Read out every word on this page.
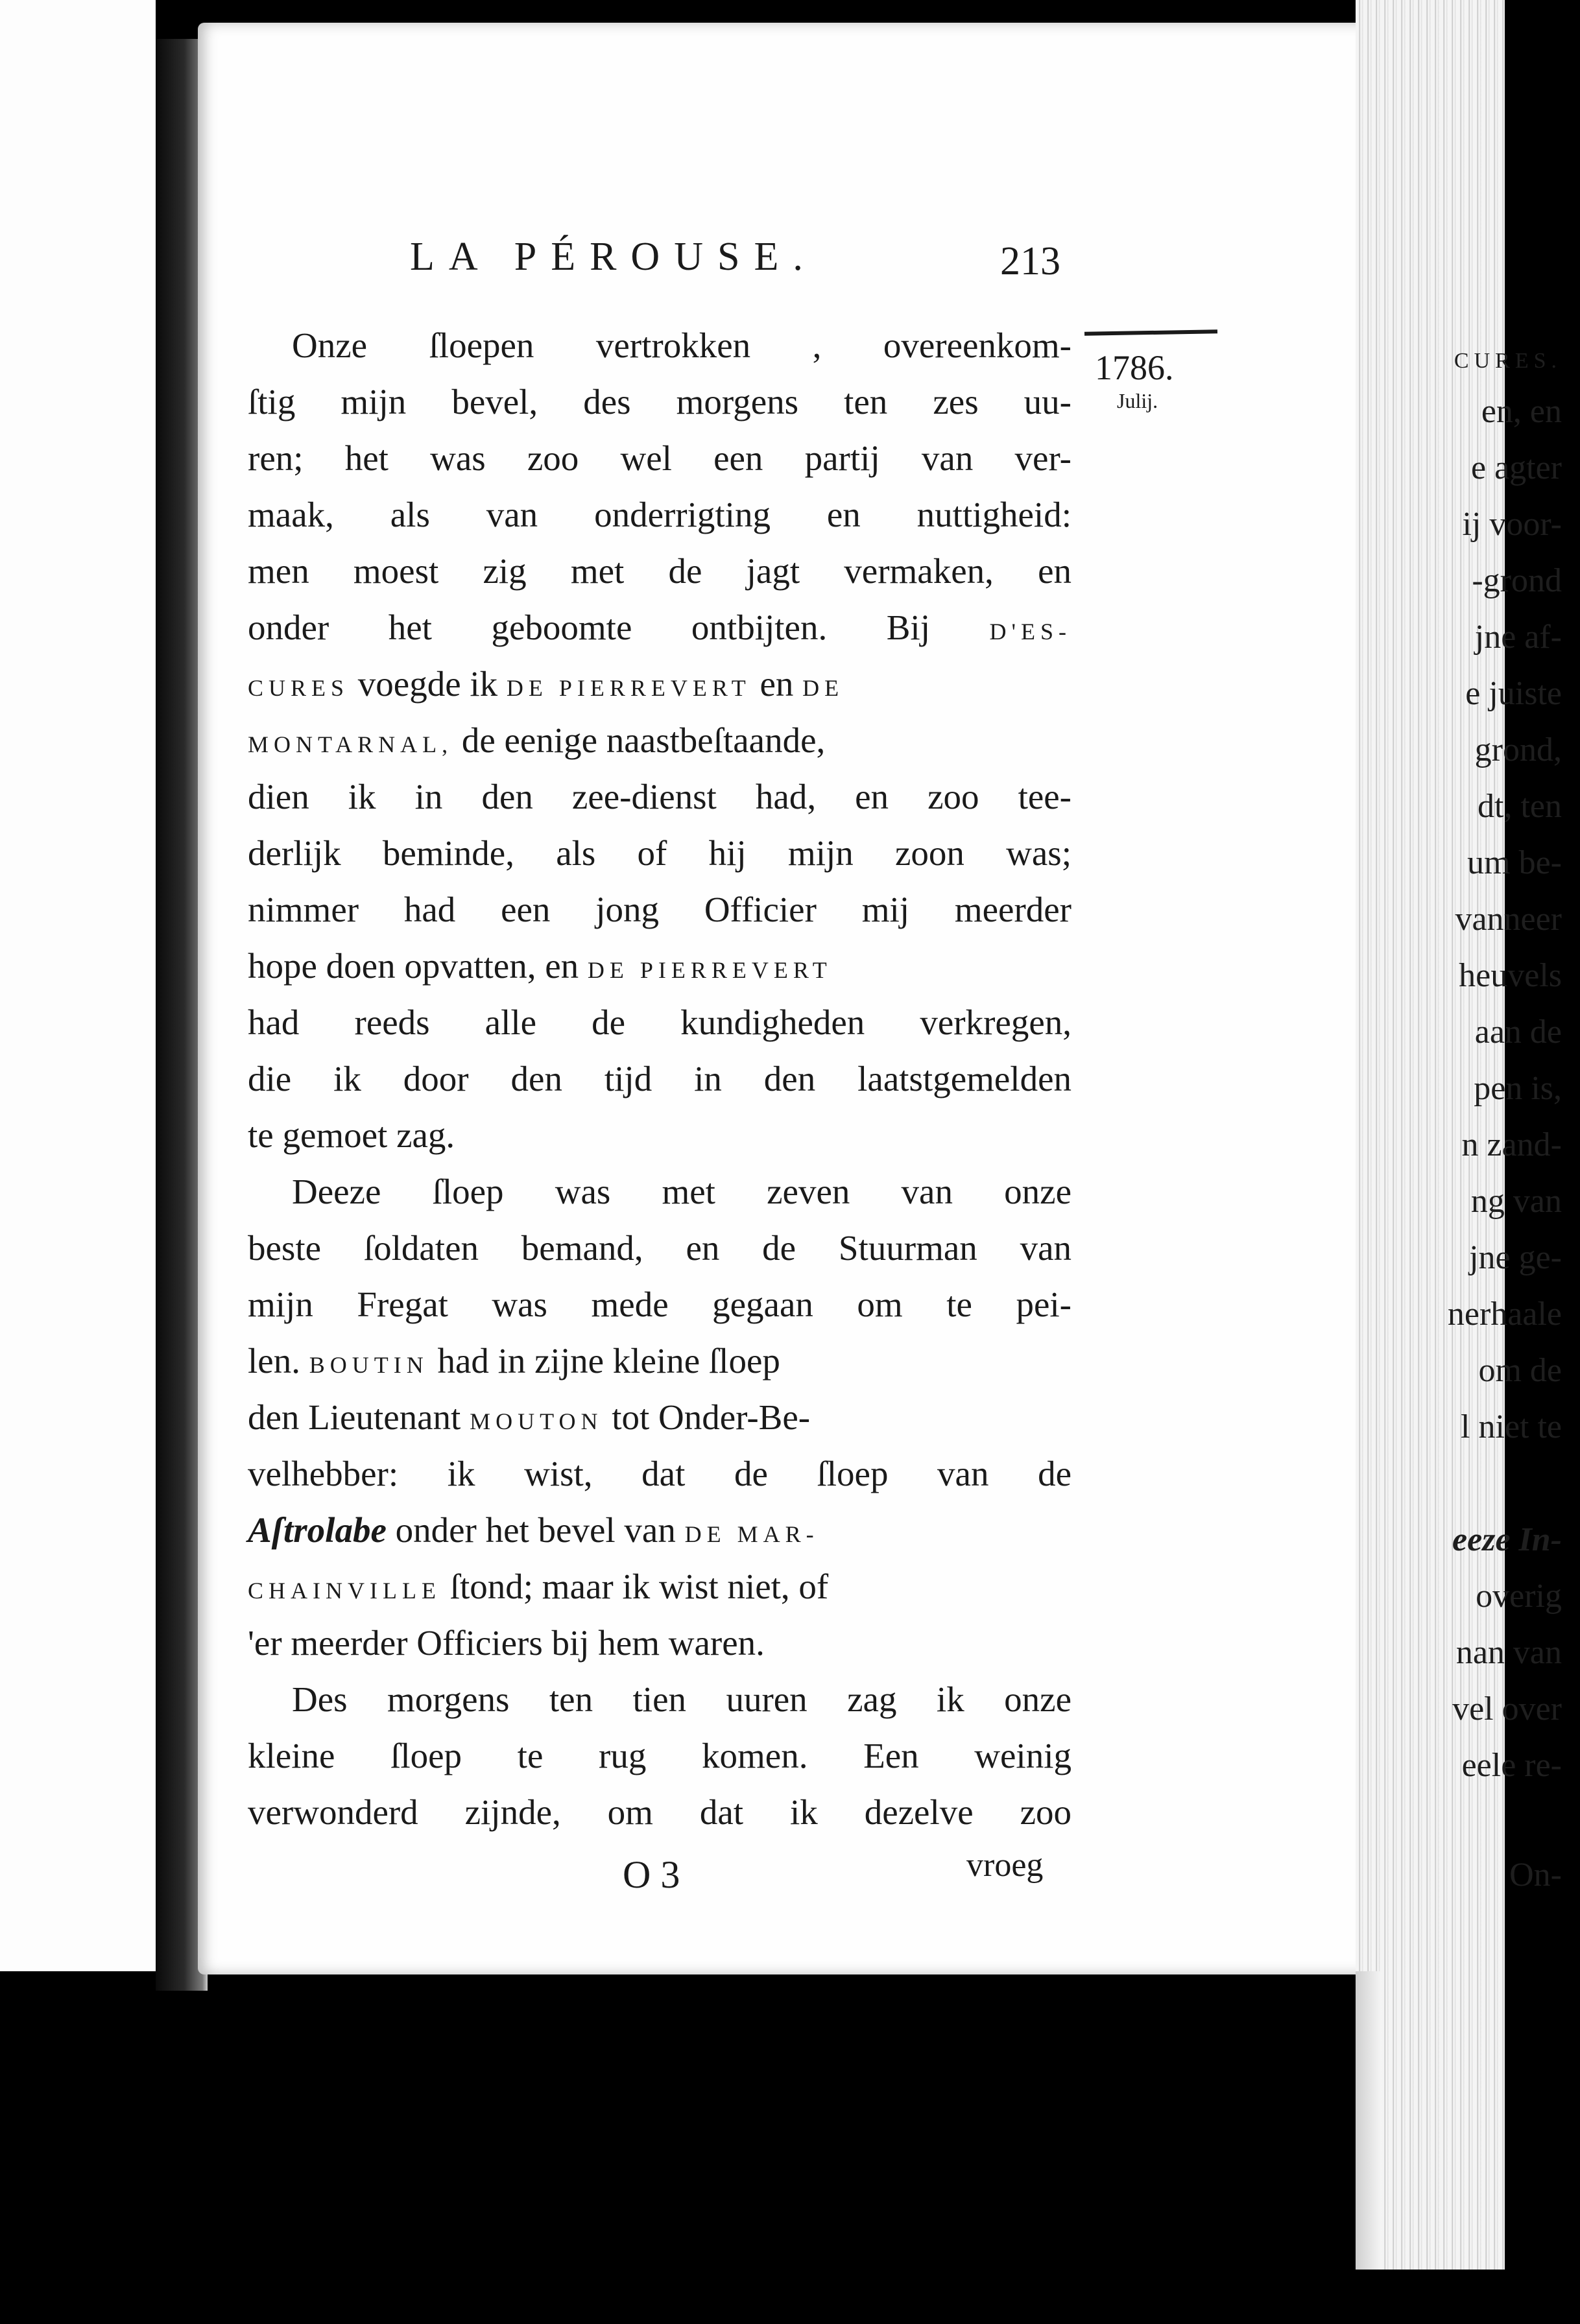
CURES.
en, en
e agter
ij voor-
-grond
jne af-
e juiste
grond,
dt, ten
um be-
vanneer
heuvels
aan de
pen is,
n zand-
ng van
jne ge-
nerhaale
om de
l niet te
eeze In-
overig
nan van
vel over
eele re-
On-
LA PÉROUSE.	213
1786.
Julij.
Onze ſloepen vertrokken , overeenkom-
ſtig mijn bevel, des morgens ten zes uu-
ren; het was zoo wel een partij van ver-
maak, als van onderrigting en nuttigheid:
men moest zig met de jagt vermaken, en
onder het geboomte ontbijten. Bij D'ES-
CURES voegde ik DE PIERREVERT en DE
MONTARNAL, de eenige naastbeſtaande,
dien ik in den zee-dienst had, en zoo tee-
derlijk beminde, als of hij mijn zoon was;
nimmer had een jong Officier mij meerder
hope doen opvatten, en DE PIERREVERT
had reeds alle de kundigheden verkregen,
die ik door den tijd in den laatstgemelden
te gemoet zag.
Deeze ſloep was met zeven van onze
beste ſoldaten bemand, en de Stuurman van
mijn Fregat was mede gegaan om te pei-
len. BOUTIN had in zijne kleine ſloep
den Lieutenant MOUTON tot Onder-Be-
velhebber: ik wist, dat de ſloep van de
Aſtrolabe onder het bevel van DE MAR-
CHAINVILLE ſtond; maar ik wist niet, of
'er meerder Officiers bij hem waren.
Des morgens ten tien uuren zag ik onze
kleine ſloep te rug komen. Een weinig
verwonderd zijnde, om dat ik dezelve zoo
O 3	vroeg
